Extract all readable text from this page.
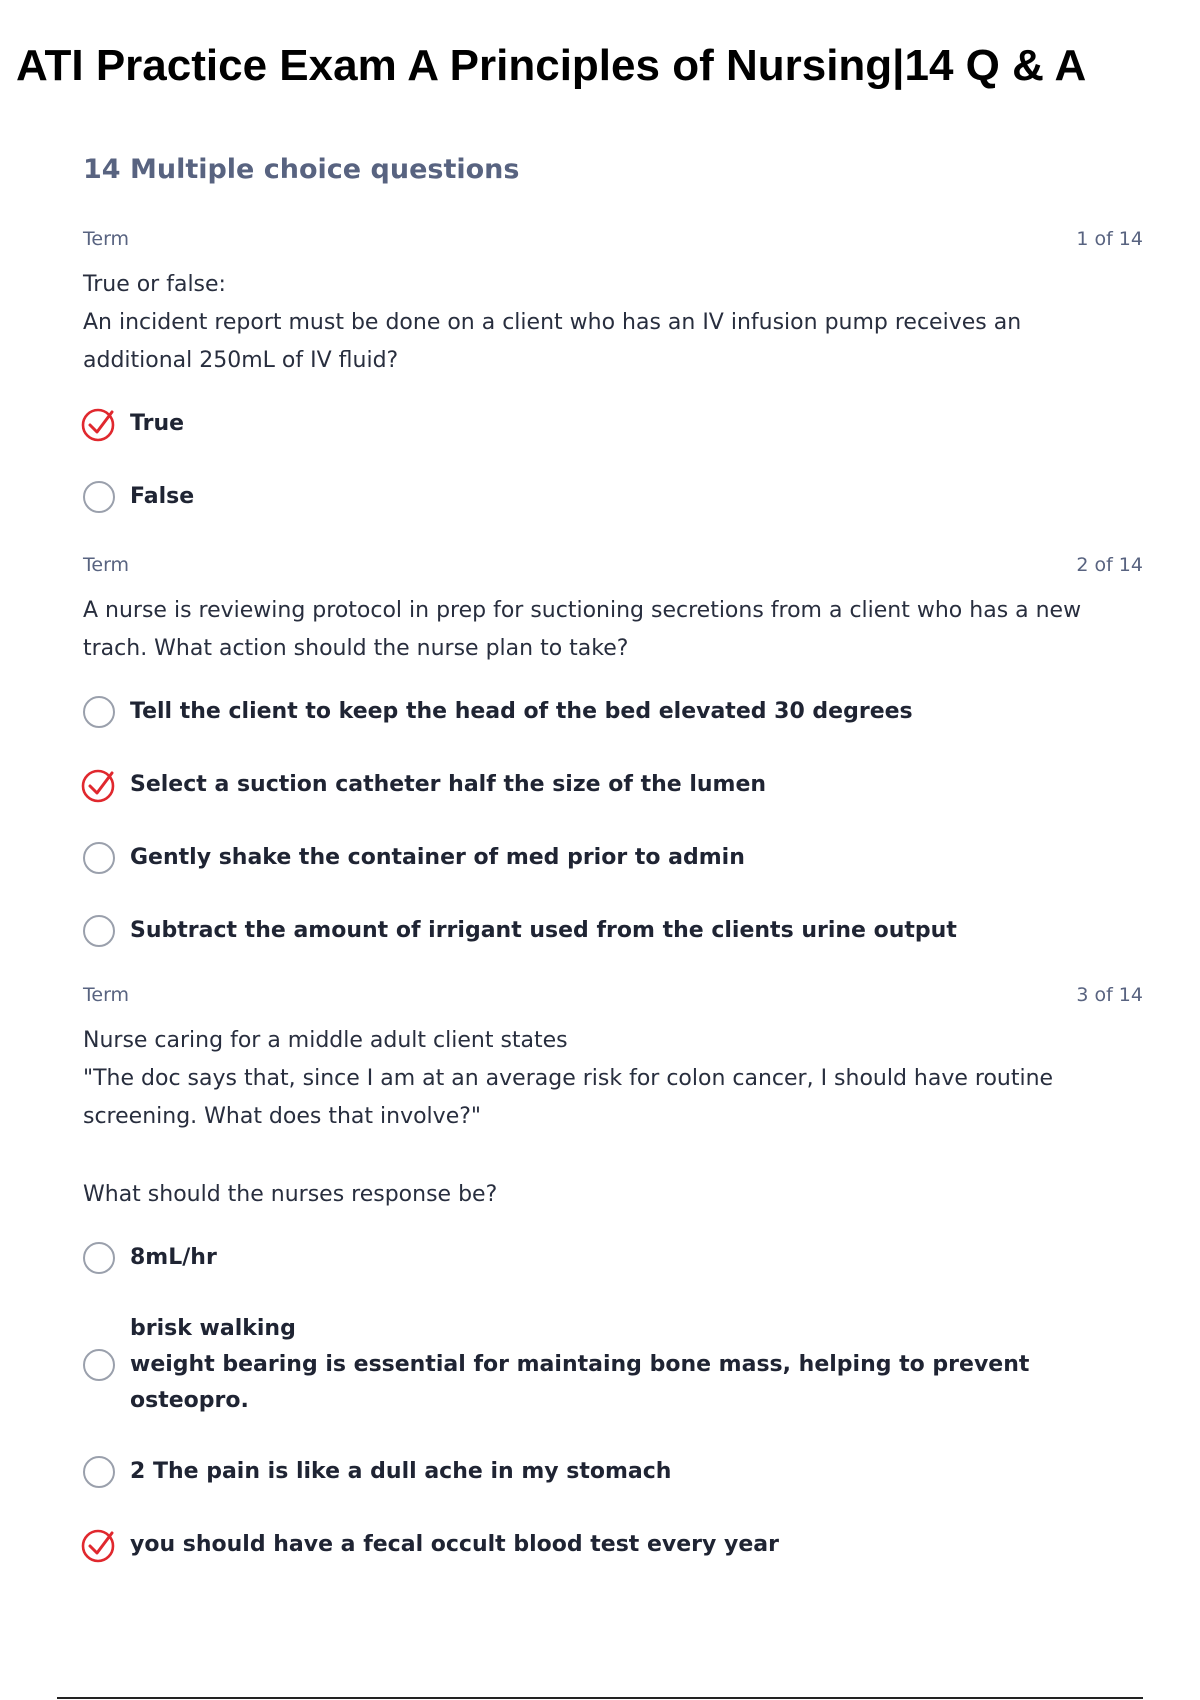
ATI Practice Exam A Principles of Nursing|14 Q & A
14 Multiple choice questions
Term	1 of 14

True or false:

An incident report must be done on a client who has an IV infusion pump receives an

additional 250mL of IV fluid?

True
False
Term	2 of 14

A nurse is reviewing protocol in prep for suctioning secretions from a client who has a new

trach. What action should the nurse plan to take?

Tell the client to keep the head of the bed elevated 30 degrees
Select a suction catheter half the size of the lumen
Gently shake the container of med prior to admin
Subtract the amount of irrigant used from the clients urine output
Term	3 of 14

Nurse caring for a middle adult client states

"The doc says that, since I am at an average risk for colon cancer, I should have routine

screening. What does that involve?"

What should the nurses response be?

8mL/hr
brisk walking
weight bearing is essential for maintaing bone mass, helping to prevent osteopro.
2 The pain is like a dull ache in my stomach
you should have a fecal occult blood test every year
